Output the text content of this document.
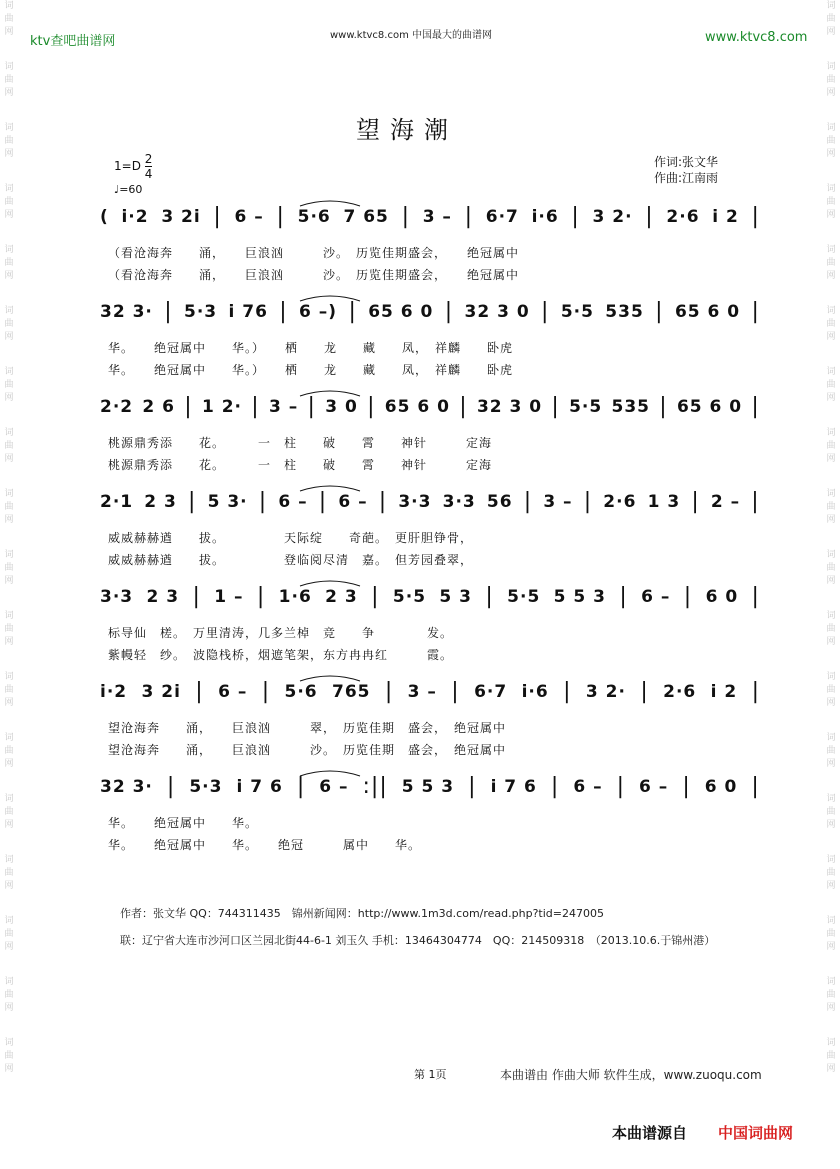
词
曲
网
词
曲
网
词
曲
网
词
曲
网
词
曲
网
词
曲
网
词
曲
网
词
曲
网
词
曲
网
词
曲
网
词
曲
网
词
曲
网
词
曲
网
词
曲
网
词
曲
网
词
曲
网
词
曲
网
词
曲
网
词
曲
网
词
曲
网
词
曲
网
词
曲
网
词
曲
网
词
曲
网
词
曲
网
词
曲
网
词
曲
网
词
曲
网
词
曲
网
词
曲
网
词
曲
网
词
曲
网
词
曲
网
词
曲
网
词
曲
网
词
曲
网
ktv查吧曲谱网	www.ktvc8.com 中国最大的曲谱网	www.ktvc8.com
望海潮
$1=D \frac{2}{4}$
♩=60
作词:张文华
作曲:江南雨
( i·2 3 2i | 6 – | 5·6 7 65 | 3 – | 6·7 i·6 | 3 2· | 2·6 i 2 |
（看沧海奔　　涌，　　巨浪汹　　　沙。　历览佳期盛会，　　绝冠属中
（看沧海奔　　涌，　　巨浪汹　　　沙。　历览佳期盛会，　　绝冠属中
32 3· | 5·3 i 76 | 6 –) | 65 6 0 | 32 3 0 | 5·5 535 | 65 6 0 |
华。　　绝冠属中　　华。）　　栖　　龙　　藏　　凤，　祥麟　　卧虎
华。　　绝冠属中　　华。）　　栖　　龙　　藏　　凤，　祥麟　　卧虎
2·2 2 6 | 1 2· | 3 – | 3 0 | 65 6 0 | 32 3 0 | 5·5 535 | 65 6 0 |
桃源鼎秀添　　花。　　　一　柱　　破　　霄　　神针　　　定海
桃源鼎秀添　　花。　　　一　柱　　破　　霄　　神针　　　定海
2·1 2 3 | 5 3· | 6 – | 6 – | 3·3 3·3 56 | 3 – | 2·6 1 3 | 2 – |
威威赫赫遒　　拔。　　　　　天际绽　　奇葩。　更肝胆铮骨，
威威赫赫遒　　拔。　　　　　登临阅尽清　嘉。　但芳园叠翠，
3·3 2 3 | 1 – | 1·6 2 3 | 5·5 5 3 | 5·5 5 5 3 | 6 – | 6 0 |
标导仙　槎。　万里清涛，几多兰棹　竞　　争　　　　发。
紫幔轻　纱。　波隐栈桥，烟遮笔架，东方冉冉红　　　霞。
i·2 3 2i | 6 – | 5·6 765 | 3 – | 6·7 i·6 | 3 2· | 2·6 i 2 |
望沧海奔　　涌，　　巨浪汹　　　翠，　历览佳期　盛会，　绝冠属中
望沧海奔　　涌，　　巨浪汹　　　沙。　历览佳期　盛会，　绝冠属中
32 3· | 5·3 i 7 6 | 6 – :|| 5 5 3 | i 7 6 | 6 – | 6 – | 6 0 |
华。　　绝冠属中　　华。
华。　　绝冠属中　　华。　　绝冠　　　属中　　华。
作者：张文华 QQ：744311435　锦州新闻网：http://www.1m3d.com/read.php?tid=247005
联：辽宁省大连市沙河口区兰园北街44-6-1 刘玉久 手机：13464304774　QQ：214509318　（2013.10.6.于锦州港）
第 1页	本曲谱由 作曲大师 软件生成，www.zuoqu.com
本曲谱源自 中国词曲网
